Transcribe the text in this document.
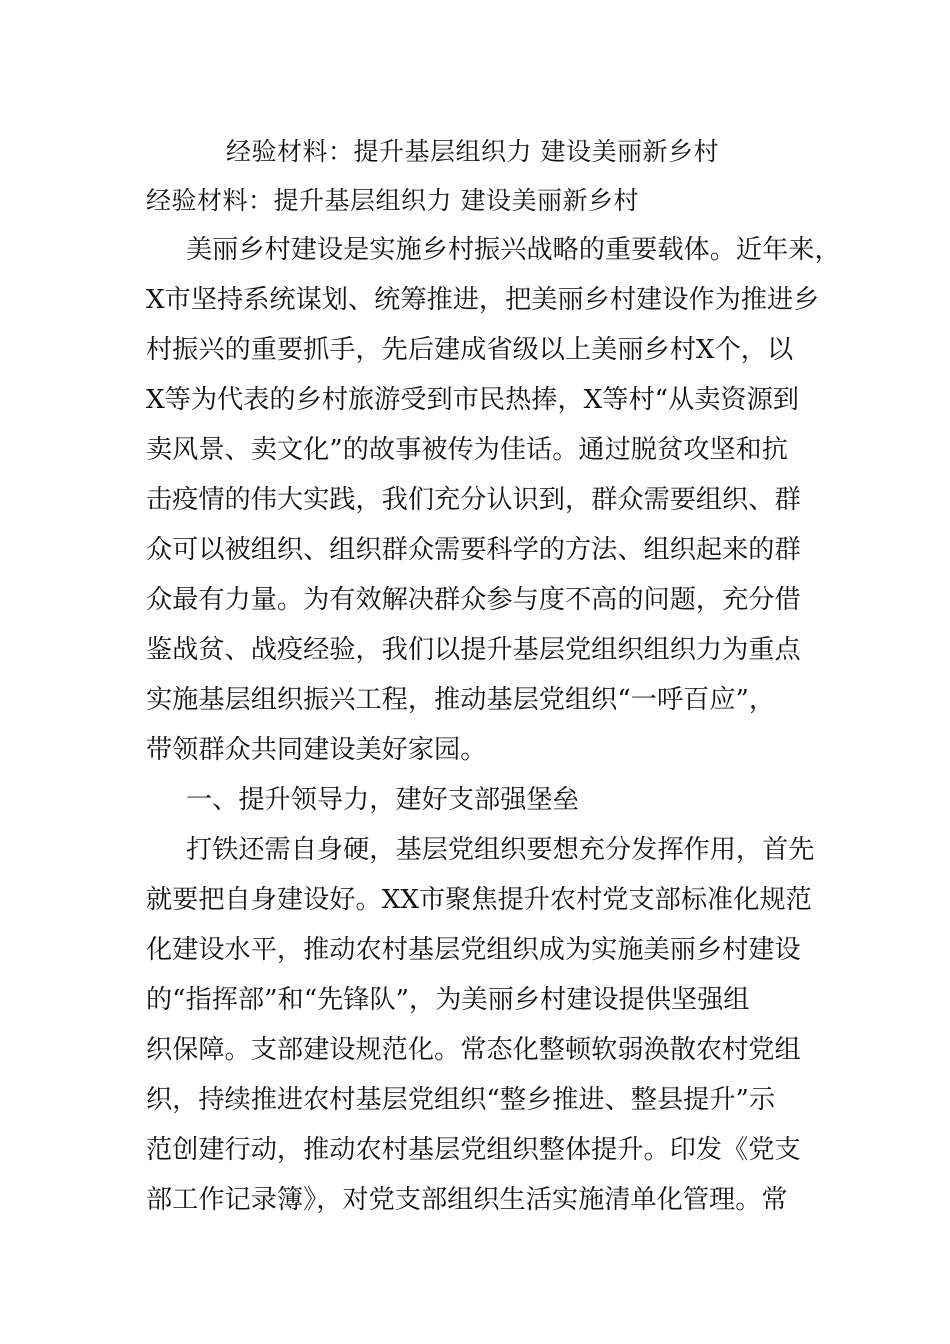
经验材料：提升基层组织力 建设美丽新乡村
经验材料：提升基层组织力 建设美丽新乡村
美丽乡村建设是实施乡村振兴战略的重要载体。近年来，
X市坚持系统谋划、统筹推进，把美丽乡村建设作为推进乡
村振兴的重要抓手，先后建成省级以上美丽乡村X个，以
X等为代表的乡村旅游受到市民热捧，X等村“从卖资源到
卖风景、卖文化”的故事被传为佳话。通过脱贫攻坚和抗
击疫情的伟大实践，我们充分认识到，群众需要组织、群
众可以被组织、组织群众需要科学的方法、组织起来的群
众最有力量。为有效解决群众参与度不高的问题，充分借
鉴战贫、战疫经验，我们以提升基层党组织组织力为重点
实施基层组织振兴工程，推动基层党组织“一呼百应”，
带领群众共同建设美好家园。
一、提升领导力，建好支部强堡垒
打铁还需自身硬，基层党组织要想充分发挥作用，首先
就要把自身建设好。XX市聚焦提升农村党支部标准化规范
化建设水平，推动农村基层党组织成为实施美丽乡村建设
的“指挥部”和“先锋队”，为美丽乡村建设提供坚强组
织保障。支部建设规范化。常态化整顿软弱涣散农村党组
织，持续推进农村基层党组织“整乡推进、整县提升”示
范创建行动，推动农村基层党组织整体提升。印发《党支
部工作记录簿》，对党支部组织生活实施清单化管理。常
